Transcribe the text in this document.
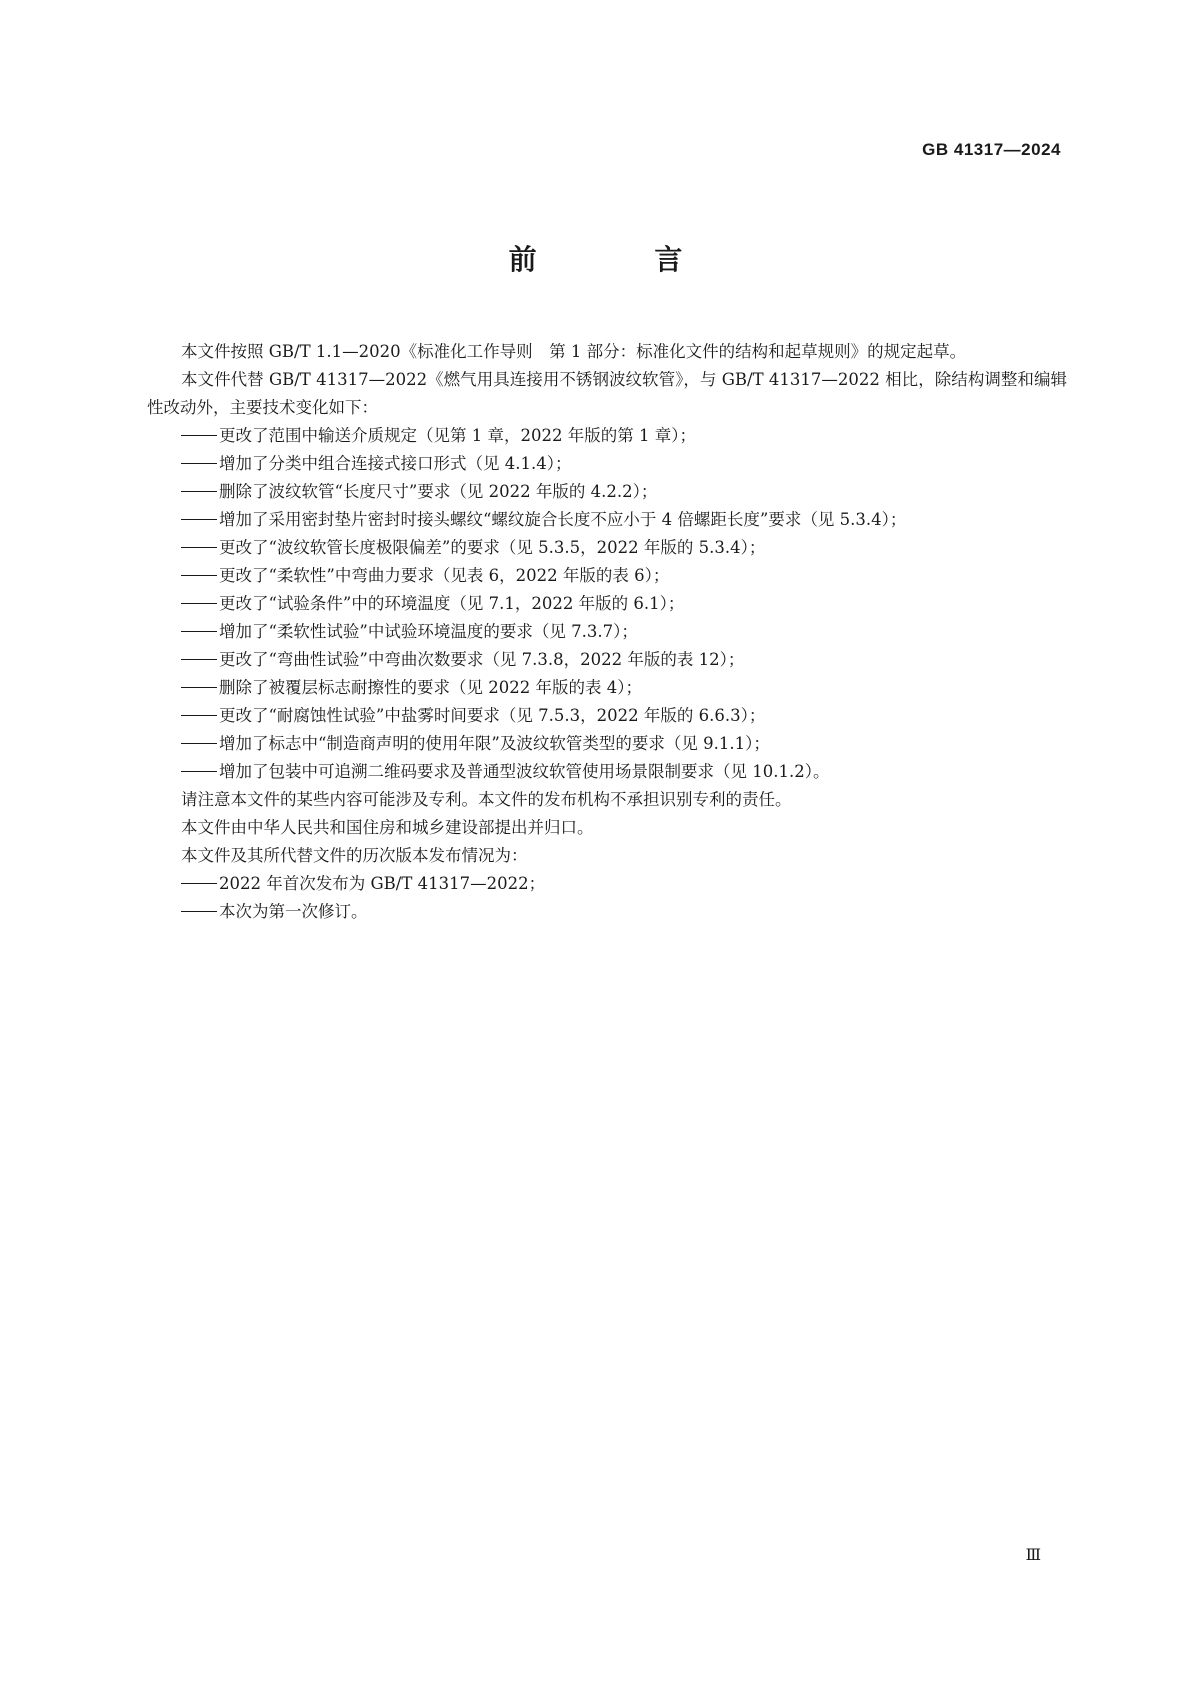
GB 41317—2024
前 言

本文件按照 GB/T 1.1—2020《标准化工作导则　第 1 部分：标准化文件的结构和起草规则》的规定起草。

本文件代替 GB/T 41317—2022《燃气用具连接用不锈钢波纹软管》，与 GB/T 41317—2022 相比，除结构调整和编辑性改动外，主要技术变化如下：

更改了范围中输送介质规定（见第 1 章，2022 年版的第 1 章）；

增加了分类中组合连接式接口形式（见 4.1.4）；

删除了波纹软管“长度尺寸”要求（见 2022 年版的 4.2.2）；

增加了采用密封垫片密封时接头螺纹“螺纹旋合长度不应小于 4 倍螺距长度”要求（见 5.3.4）；

更改了“波纹软管长度极限偏差”的要求（见 5.3.5，2022 年版的 5.3.4）；

更改了“柔软性”中弯曲力要求（见表 6，2022 年版的表 6）；

更改了“试验条件”中的环境温度（见 7.1，2022 年版的 6.1）；

增加了“柔软性试验”中试验环境温度的要求（见 7.3.7）；

更改了“弯曲性试验”中弯曲次数要求（见 7.3.8，2022 年版的表 12）；

删除了被覆层标志耐擦性的要求（见 2022 年版的表 4）；

更改了“耐腐蚀性试验”中盐雾时间要求（见 7.5.3，2022 年版的 6.6.3）；

增加了标志中“制造商声明的使用年限”及波纹软管类型的要求（见 9.1.1）；

增加了包装中可追溯二维码要求及普通型波纹软管使用场景限制要求（见 10.1.2）。

请注意本文件的某些内容可能涉及专利。本文件的发布机构不承担识别专利的责任。

本文件由中华人民共和国住房和城乡建设部提出并归口。

本文件及其所代替文件的历次版本发布情况为：

2022 年首次发布为 GB/T 41317—2022；

本次为第一次修订。

Ⅲ
